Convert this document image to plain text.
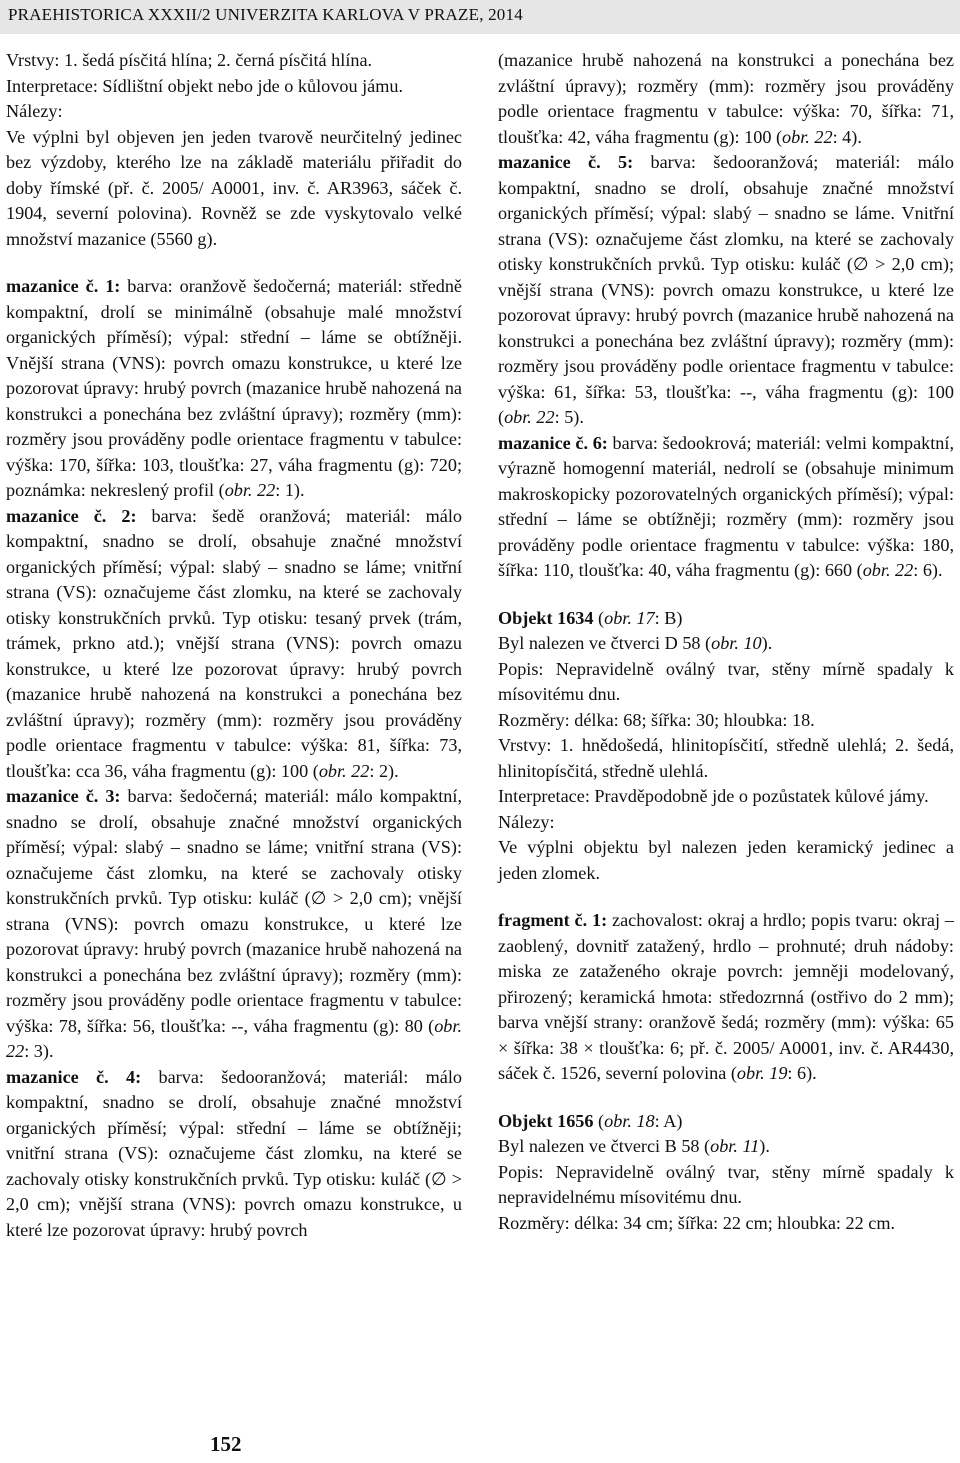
PRAEHISTORICA XXXII/2 UNIVERZITA KARLOVA V PRAZE, 2014

Vrstvy: 1. šedá písčitá hlína; 2. černá písčitá hlína.

Interpretace: Sídlištní objekt nebo jde o kůlovou jámu.

Nálezy:

Ve výplni byl objeven jen jeden tvarově neurčitelný jedinec bez výzdoby, kterého lze na základě materiálu přiřadit do doby římské (př. č. 2005/ A0001, inv. č. AR3963, sáček č. 1904, severní polovina). Rovněž se zde vyskytovalo velké množství mazanice (5560 g).

mazanice č. 1: barva: oranžově šedočerná; materiál: středně kompaktní, drolí se minimálně (obsahuje malé množství organických příměsí); výpal: střední – láme se obtížněji. Vnější strana (VNS): povrch omazu konstrukce, u které lze pozorovat úpravy: hrubý povrch (mazanice hrubě nahozená na konstrukci a ponechána bez zvláštní úpravy); rozměry (mm): rozměry jsou prováděny podle orientace fragmentu v tabulce: výška: 170, šířka: 103, tloušťka: 27, váha fragmentu (g): 720; poznámka: nekreslený profil (obr. 22: 1).

mazanice č. 2: barva: šedě oranžová; materiál: málo kompaktní, snadno se drolí, obsahuje značné množství organických příměsí; výpal: slabý – snadno se láme; vnitřní strana (VS): označujeme část zlomku, na které se zachovaly otisky konstrukčních prvků. Typ otisku: tesaný prvek (trám, trámek, prkno atd.); vnější strana (VNS): povrch omazu konstrukce, u které lze pozorovat úpravy: hrubý povrch (mazanice hrubě nahozená na konstrukci a ponechána bez zvláštní úpravy); rozměry (mm): rozměry jsou prováděny podle orientace fragmentu v tabulce: výška: 81, šířka: 73, tloušťka: cca 36, váha fragmentu (g): 100 (obr. 22: 2).

mazanice č. 3: barva: šedočerná; materiál: málo kompaktní, snadno se drolí, obsahuje značné množství organických příměsí; výpal: slabý – snadno se láme; vnitřní strana (VS): označujeme část zlomku, na které se zachovaly otisky konstrukčních prvků. Typ otisku: kuláč (∅ > 2,0 cm); vnější strana (VNS): povrch omazu konstrukce, u které lze pozorovat úpravy: hrubý povrch (mazanice hrubě nahozená na konstrukci a ponechána bez zvláštní úpravy); rozměry (mm): rozměry jsou prováděny podle orientace fragmentu v tabulce: výška: 78, šířka: 56, tloušťka: --, váha fragmentu (g): 80 (obr. 22: 3).

mazanice č. 4: barva: šedooranžová; materiál: málo kompaktní, snadno se drolí, obsahuje značné množství organických příměsí; výpal: střední – láme se obtížněji; vnitřní strana (VS): označujeme část zlomku, na které se zachovaly otisky konstrukčních prvků. Typ otisku: kuláč (∅ > 2,0 cm); vnější strana (VNS): povrch omazu konstrukce, u které lze pozorovat úpravy: hrubý povrch

(mazanice hrubě nahozená na konstrukci a ponechána bez zvláštní úpravy); rozměry (mm): rozměry jsou prováděny podle orientace fragmentu v tabulce: výška: 70, šířka: 71, tloušťka: 42, váha fragmentu (g): 100 (obr. 22: 4).

mazanice č. 5: barva: šedooranžová; materiál: málo kompaktní, snadno se drolí, obsahuje značné množství organických příměsí; výpal: slabý – snadno se láme. Vnitřní strana (VS): označujeme část zlomku, na které se zachovaly otisky konstrukčních prvků. Typ otisku: kuláč (∅ > 2,0 cm); vnější strana (VNS): povrch omazu konstrukce, u které lze pozorovat úpravy: hrubý povrch (mazanice hrubě nahozená na konstrukci a ponechána bez zvláštní úpravy); rozměry (mm): rozměry jsou prováděny podle orientace fragmentu v tabulce: výška: 61, šířka: 53, tloušťka: --, váha fragmentu (g): 100 (obr. 22: 5).

mazanice č. 6: barva: šedookrová; materiál: velmi kompaktní, výrazně homogenní materiál, nedrolí se (obsahuje minimum makroskopicky pozorovatelných organických příměsí); výpal: střední – láme se obtížněji; rozměry (mm): rozměry jsou prováděny podle orientace fragmentu v tabulce: výška: 180, šířka: 110, tloušťka: 40, váha fragmentu (g): 660 (obr. 22: 6).

Objekt 1634 (obr. 17: B)

Byl nalezen ve čtverci D 58 (obr. 10).

Popis: Nepravidelně oválný tvar, stěny mírně spadaly k mísovitému dnu.

Rozměry: délka: 68; šířka: 30; hloubka: 18.

Vrstvy: 1. hnědošedá, hlinitopísčití, středně ulehlá; 2. šedá, hlinitopísčitá, středně ulehlá.

Interpretace: Pravděpodobně jde o pozůstatek kůlové jámy.

Nálezy:

Ve výplni objektu byl nalezen jeden keramický jedinec a jeden zlomek.

fragment č. 1: zachovalost: okraj a hrdlo; popis tvaru: okraj – zaoblený, dovnitř zatažený, hrdlo – prohnuté; druh nádoby: miska ze zataženého okraje povrch: jemněji modelovaný, přirozený; keramická hmota: středozrnná (ostřivo do 2 mm); barva vnější strany: oranžově šedá; rozměry (mm): výška: 65 × šířka: 38 × tloušťka: 6; př. č. 2005/ A0001, inv. č. AR4430, sáček č. 1526, severní polovina (obr. 19: 6).

Objekt 1656 (obr. 18: A)

Byl nalezen ve čtverci B 58 (obr. 11).

Popis: Nepravidelně oválný tvar, stěny mírně spadaly k nepravidelnému mísovitému dnu.

Rozměry: délka: 34 cm; šířka: 22 cm; hloubka: 22 cm.

152
